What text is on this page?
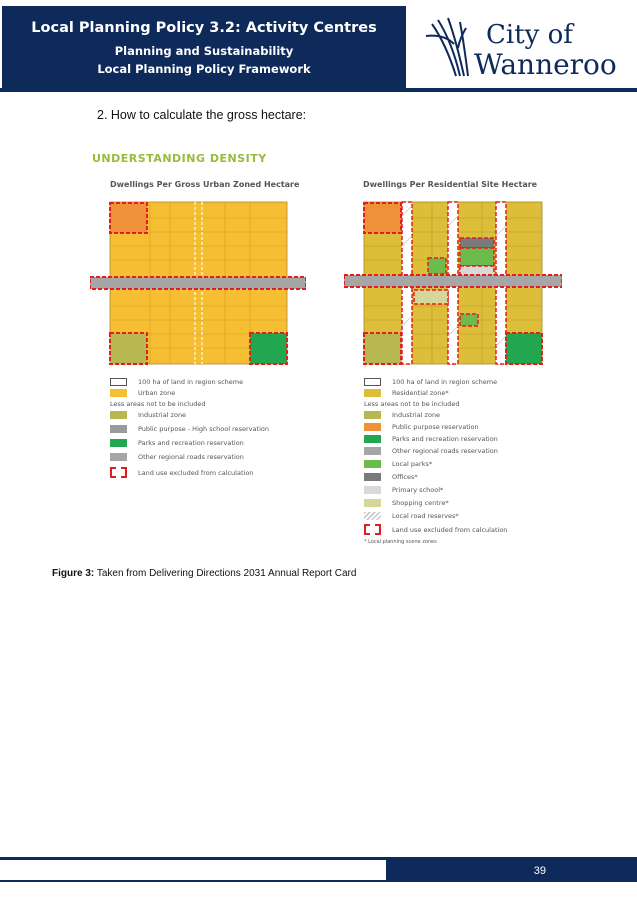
Local Planning Policy 3.2: Activity Centres
Planning and Sustainability
Local Planning Policy Framework
City of
Wanneroo
2. How to calculate the gross hectare:
UNDERSTANDING DENSITY
Dwellings Per Gross Urban Zoned Hectare	Dwellings Per Residential Site Hectare
100 ha of land in region scheme
Urban zone
Less areas not to be included
Industrial zone
Public purpose - High school reservation
Parks and recreation reservation
Other regional roads reservation
Land use excluded from calculation
100 ha of land in region scheme
Residential zone*
Less areas not to be included
Industrial zone
Public purpose reservation
Parks and recreation reservation
Other regional roads reservation
Local parks*
Offices*
Primary school*
Shopping centre*
Local road reserves*
Land use excluded from calculation
* Local planning scene zones
Figure 3: Taken from Delivering Directions 2031 Annual Report Card
39
